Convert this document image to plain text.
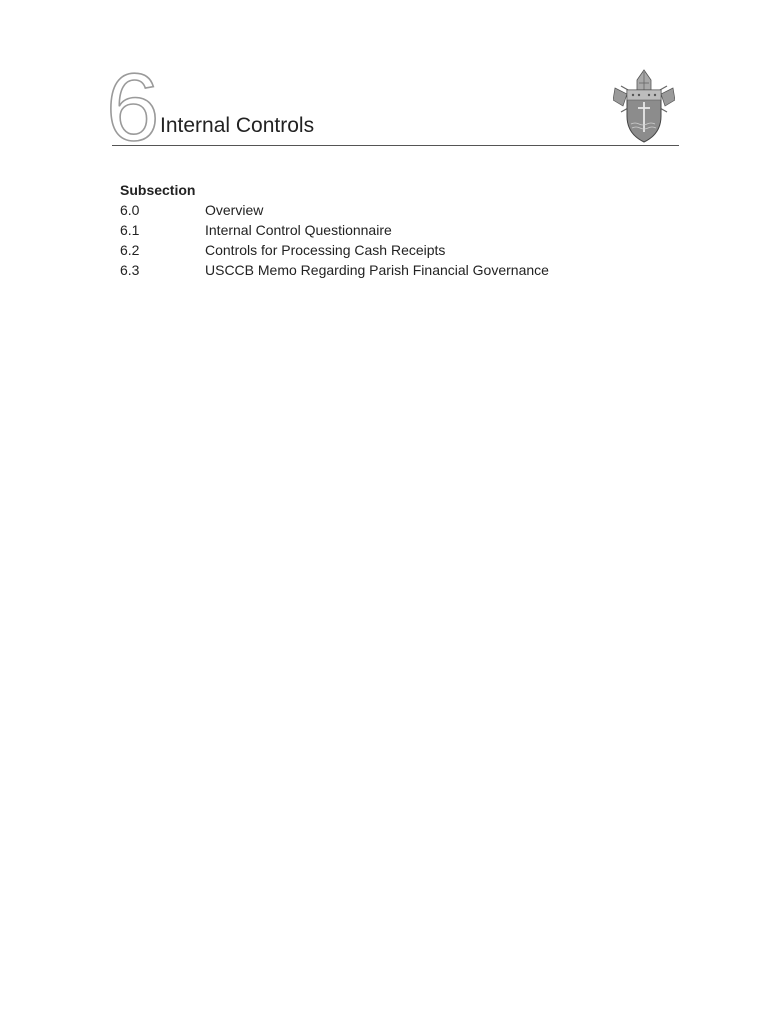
6 Internal Controls
Subsection
6.0	Overview
6.1	Internal Control Questionnaire
6.2	Controls for Processing Cash Receipts
6.3	USCCB Memo Regarding Parish Financial Governance
